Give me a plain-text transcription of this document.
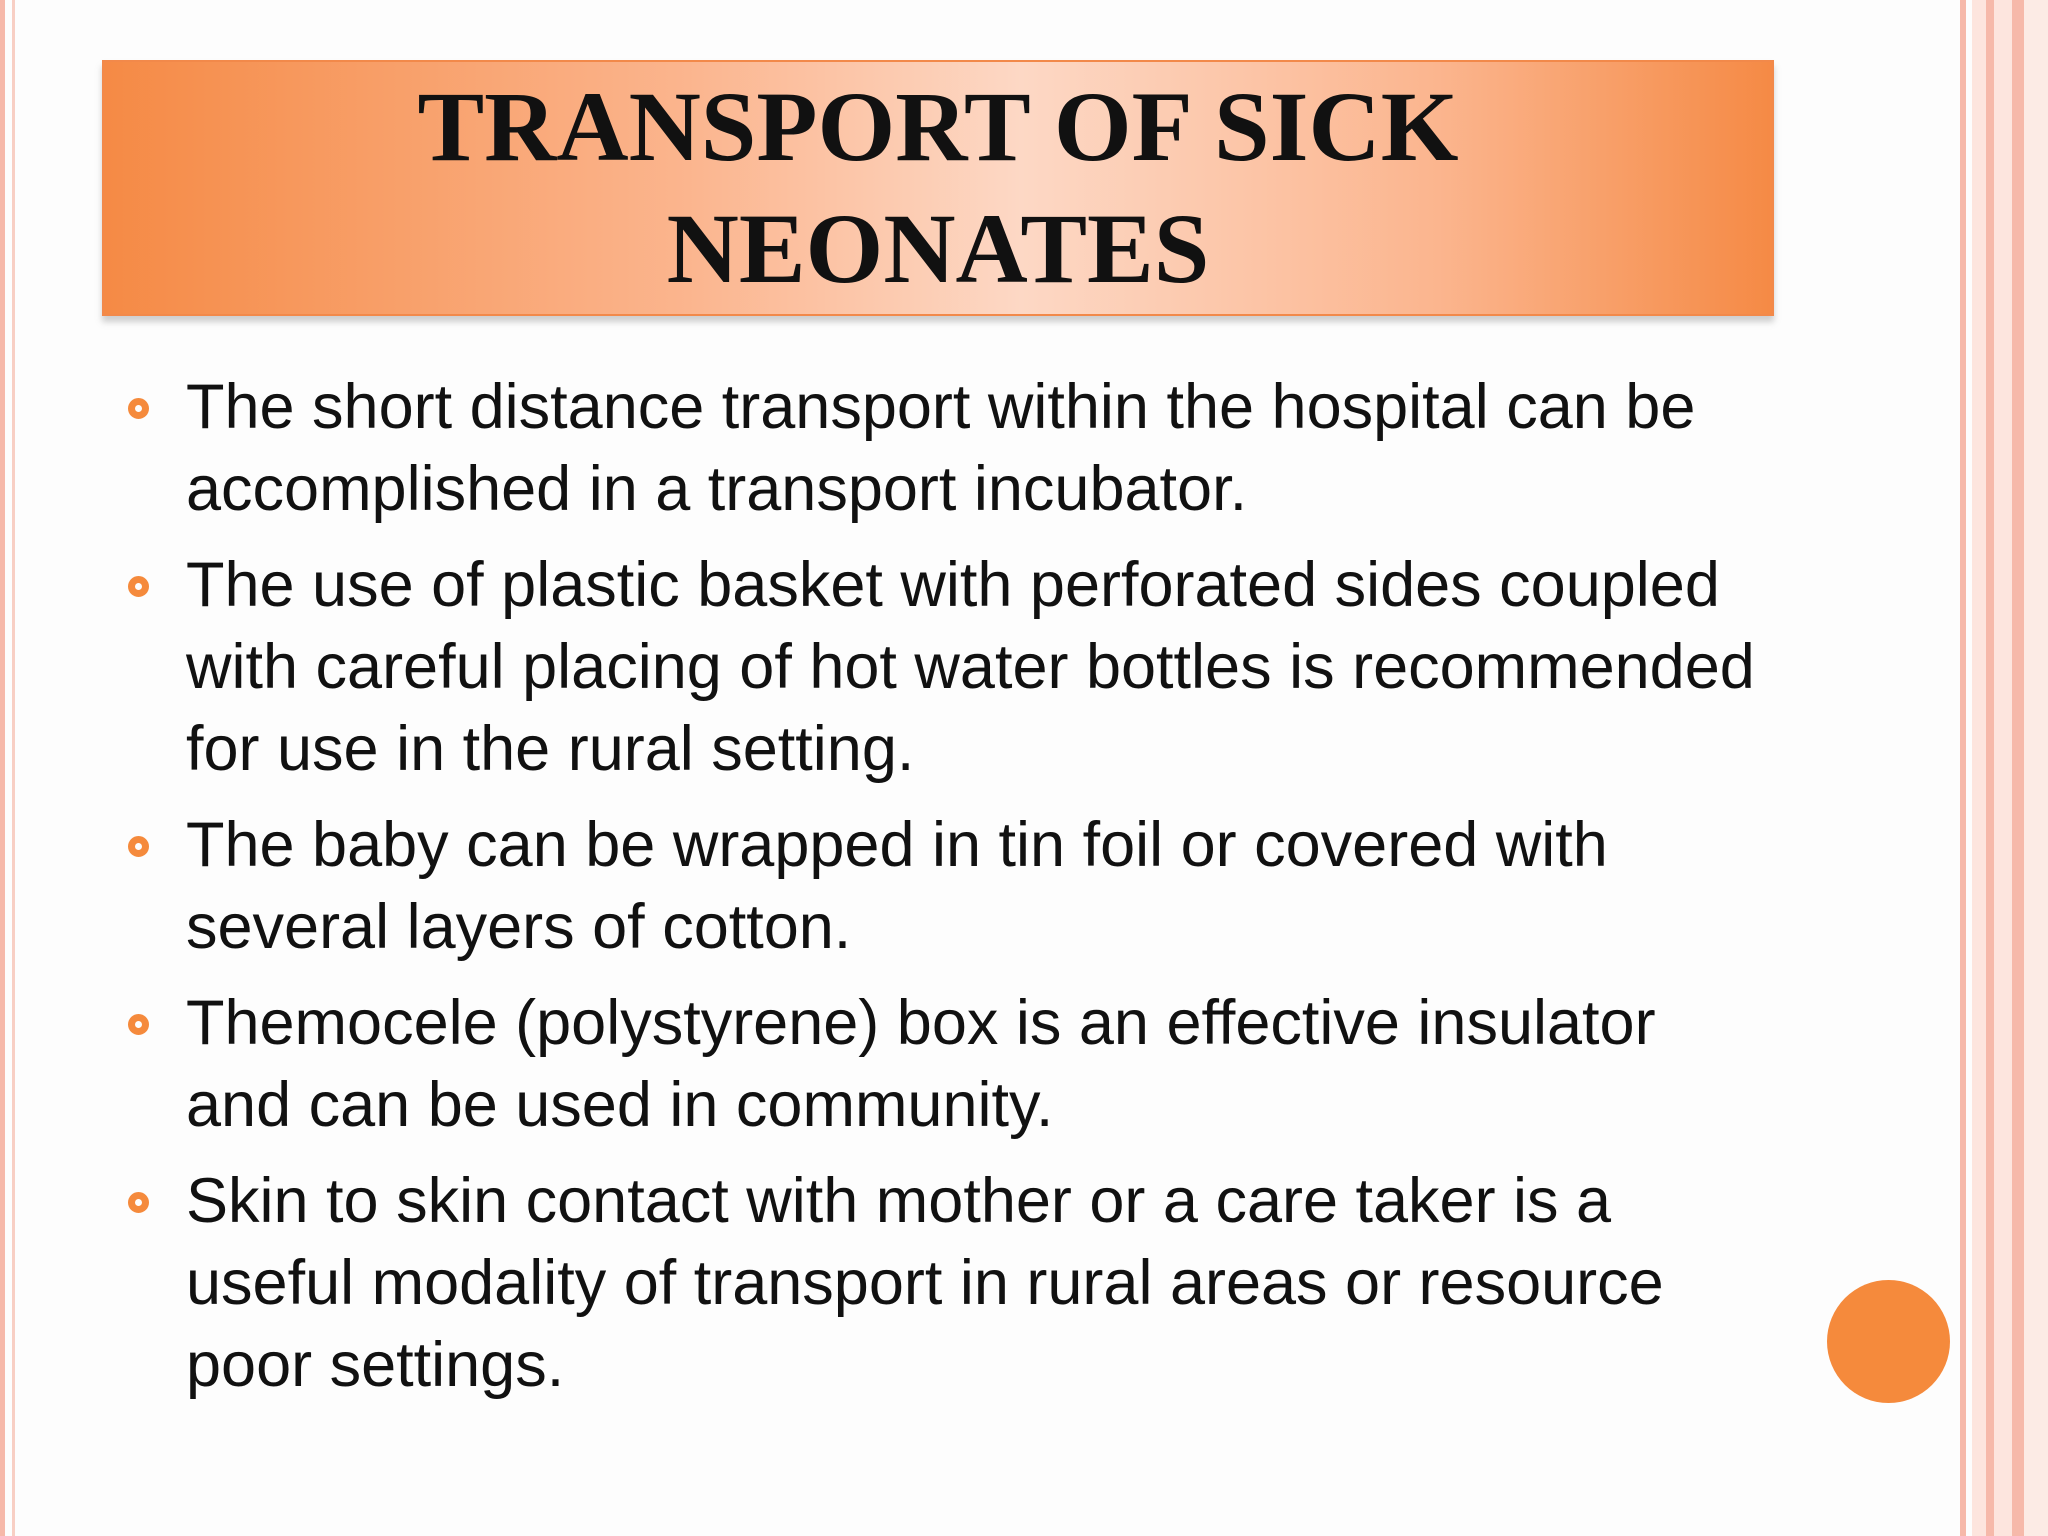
TRANSPORT OF SICK NEONATES
The short distance transport within the hospital can be accomplished in a transport incubator.
The use of plastic basket with perforated sides coupled with careful placing of hot water bottles is recommended for use in the rural setting.
The baby can be wrapped in tin foil or covered with several layers of cotton.
Themocele (polystyrene) box is an effective insulator and can be used in community.
Skin to skin contact with mother or a care taker is a useful modality of transport in rural areas or resource poor settings.
